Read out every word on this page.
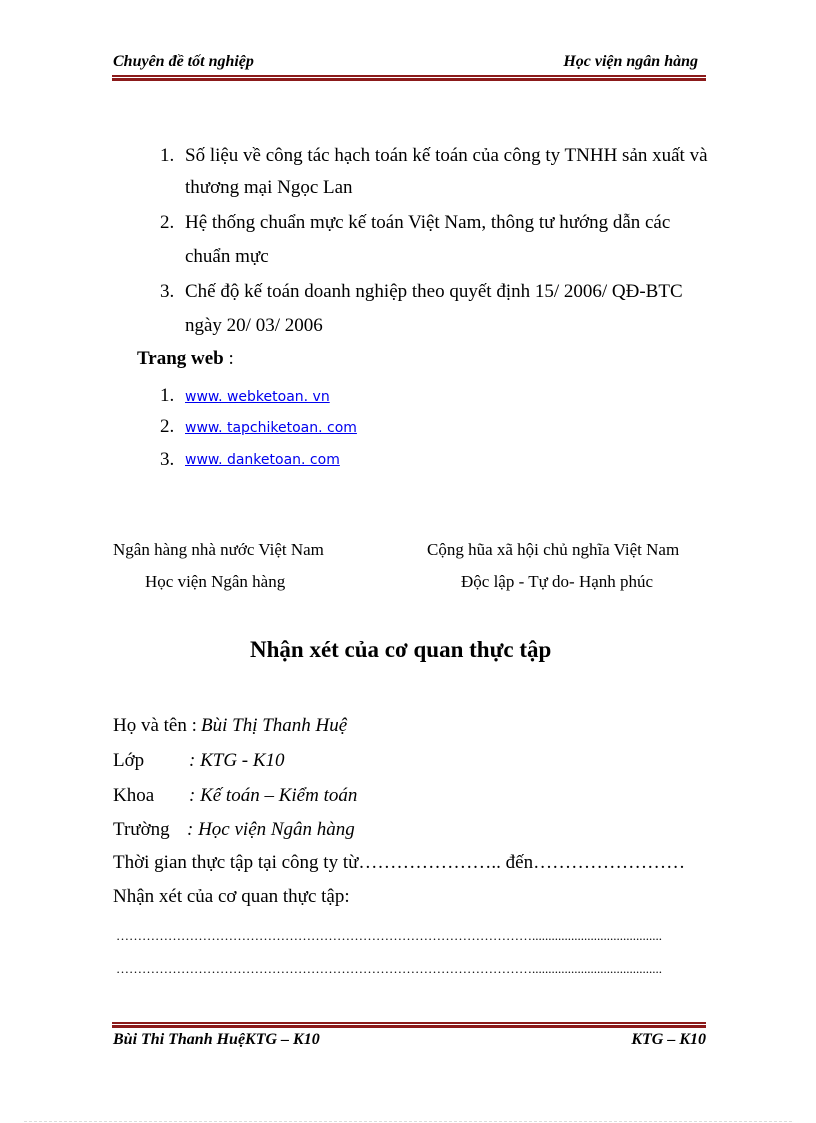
Chuyên đề tốt nghiệp	Học viện ngân hàng
1. Số liệu về công tác hạch toán kế toán của công ty TNHH sản xuất và
thương mại Ngọc Lan
2. Hệ thống chuẩn mực kế toán Việt Nam, thông tư hướng dẫn các
chuẩn mực
3. Chế độ kế toán doanh nghiệp theo quyết định 15/ 2006/ QĐ-BTC
ngày 20/ 03/ 2006
Trang web :
1. www. webketoan. vn
2. www. tapchiketoan. com
3. www. danketoan. com
Ngân hàng nhà nước Việt Nam
Học viện Ngân hàng
Cộng hũa xã hội chủ nghĩa Việt Nam
Độc lập - Tự do- Hạnh phúc
Nhận xét của cơ quan thực tập
Họ và tên : Bùi Thị Thanh Huệ
Lớp : KTG - K10
Khoa : Kế toán – Kiểm toán
Trường : Học viện Ngân hàng
Thời gian thực tập tại công ty từ………………….. đến……………………
Nhận xét của cơ quan thực tập:
……………………………………………………………………………………........................................
……………………………………………………………………………………........................................
Bùi Thi Thanh HuệKTG – K10	KTG – K10
